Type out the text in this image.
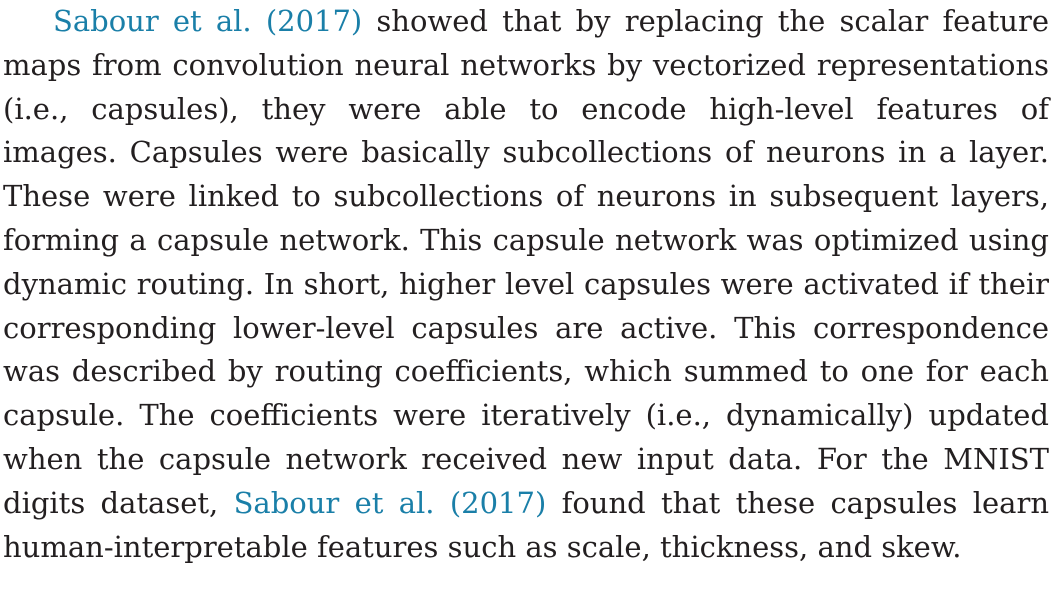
Sabour et al. (2017) showed that by replacing the scalar feature maps from convolution neural networks by vectorized representations (i.e., capsules), they were able to encode high-level features of images. Capsules were basically subcollections of neurons in a layer. These were linked to subcollections of neurons in subsequent layers, forming a capsule network. This capsule network was optimized using dynamic routing. In short, higher level capsules were activated if their corresponding lower-level capsules are active. This correspondence was described by routing coefficients, which summed to one for each capsule. The coefficients were iteratively (i.e., dynamically) updated when the capsule network received new input data. For the MNIST digits dataset, Sabour et al. (2017) found that these capsules learn human-interpretable features such as scale, thickness, and skew.
